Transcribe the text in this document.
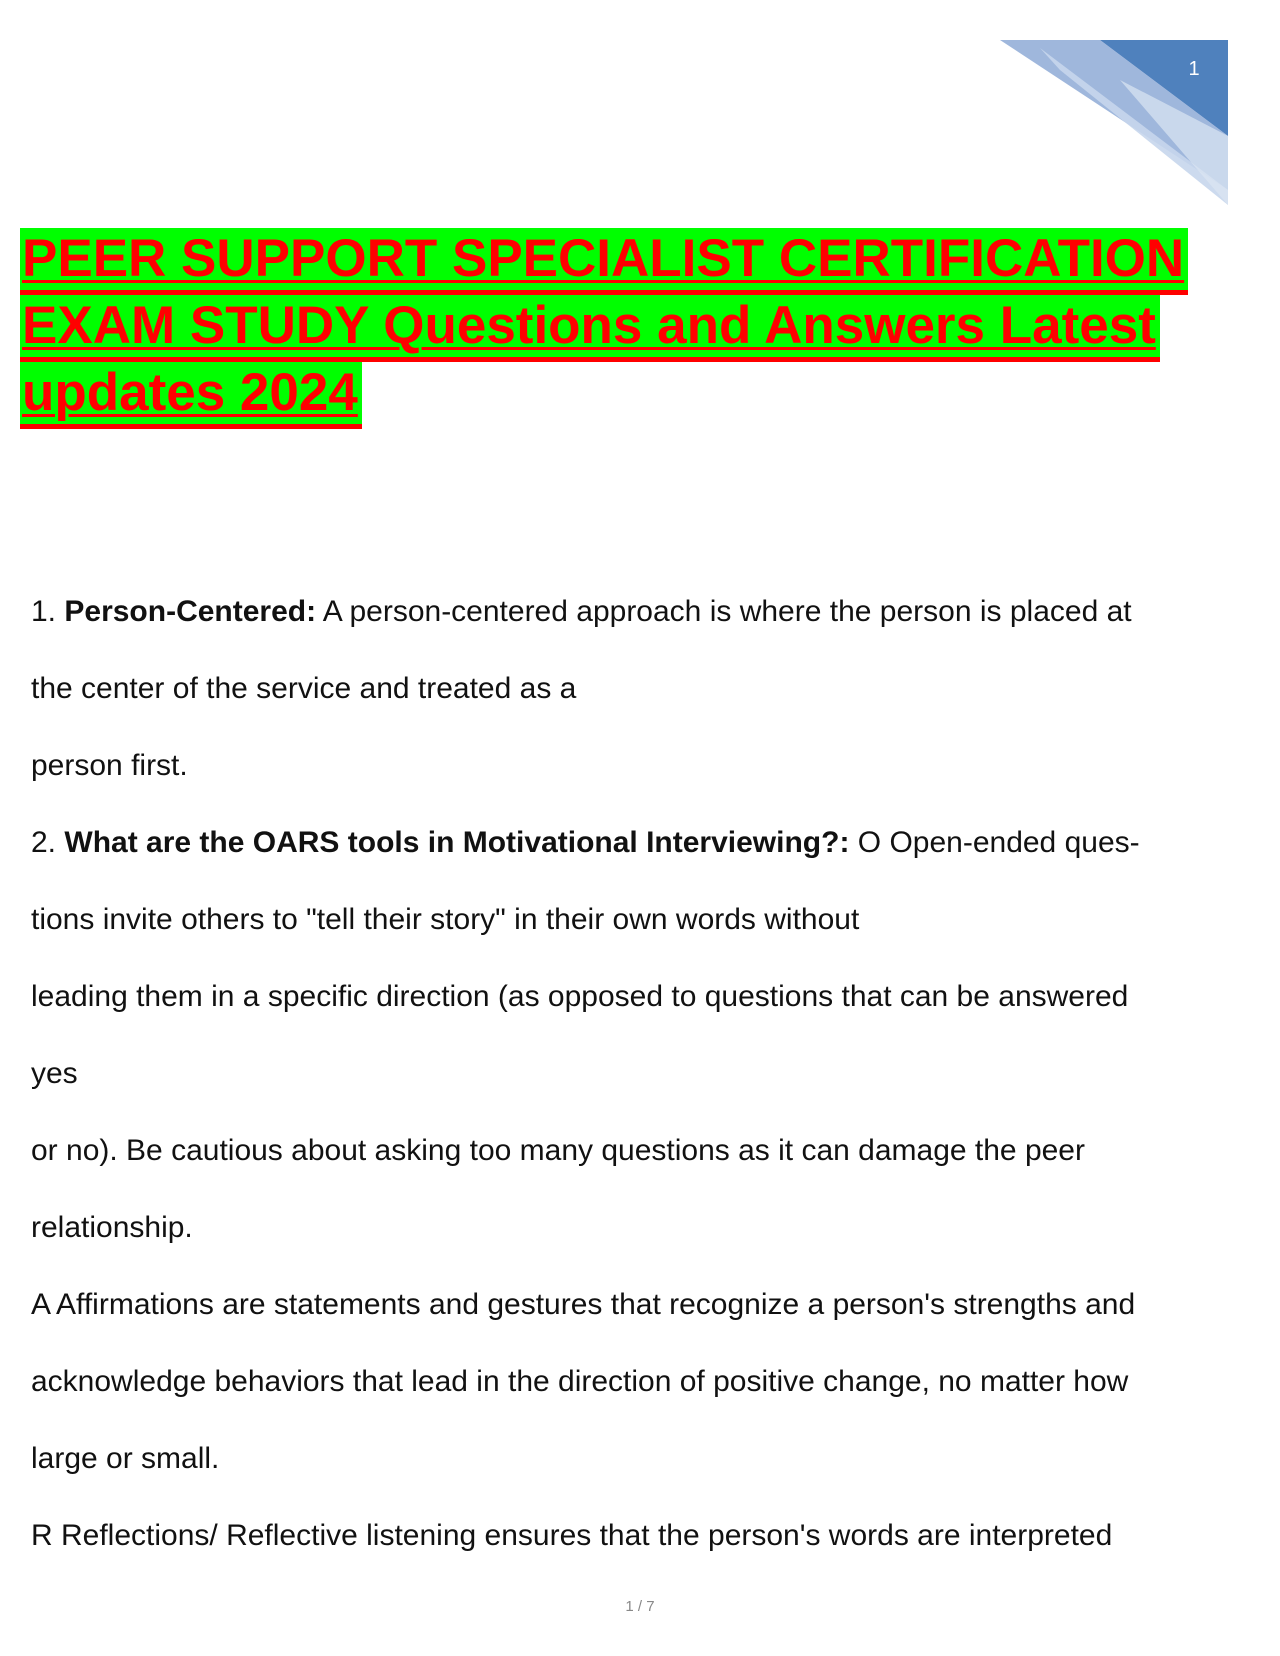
1
PEER SUPPORT SPECIALIST CERTIFICATION
EXAM STUDY Questions and Answers Latest
updates 2024

1. Person-Centered: A person-centered approach is where the person is placed at

the center of the service and treated as a

person first.

2. What are the OARS tools in Motivational Interviewing?: O Open-ended ques-

tions invite others to "tell their story" in their own words without

leading them in a specific direction (as opposed to questions that can be answered

yes

or no). Be cautious about asking too many questions as it can damage the peer

relationship.

A Affirmations are statements and gestures that recognize a person's strengths and

acknowledge behaviors that lead in the direction of positive change, no matter how

large or small.

R Reflections/ Reflective listening ensures that the person's words are interpreted

1 / 7
